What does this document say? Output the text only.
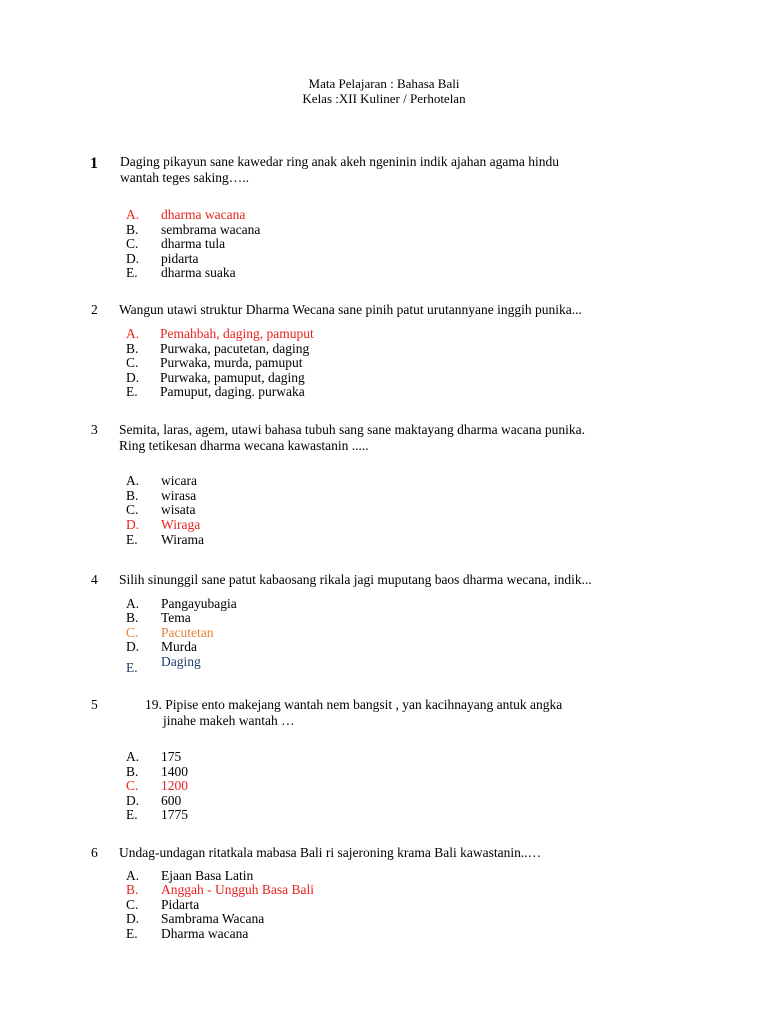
Mata Pelajaran : Bahasa Bali
Kelas :XII Kuliner / Perhotelan
1 Daging pikayun sane kawedar ring anak akeh ngeninin indik ajahan agama hindu
wantah teges saking…..
A. dharma wacana
B. sembrama wacana
C. dharma tula
D. pidarta
E. dharma suaka
2 Wangun utawi struktur Dharma Wecana sane pinih patut urutannyane inggih punika...
A. Pemahbah, daging, pamuput
B. Purwaka, pacutetan, daging
C. Purwaka, murda, pamuput
D. Purwaka, pamuput, daging
E. Pamuput, daging. purwaka
3 Semita, laras, agem, utawi bahasa tubuh sang sane maktayang dharma wacana punika.
Ring tetikesan dharma wecana kawastanin .....
A. wicara
B. wirasa
C. wisata
D. Wiraga
E. Wirama
4 Silih sinunggil sane patut kabaosang rikala jagi muputang baos dharma wecana, indik...
A. Pangayubagia
B. Tema
C. Pacutetan
D. Murda
E. Daging
5	19. Pipise ento makejang wantah nem bangsit , yan kacihnayang antuk angka
jinahe makeh wantah …
A. 175
B. 1400
C. 1200
D. 600
E. 1775
6 Undag-undagan ritatkala mabasa Bali ri sajeroning krama Bali kawastanin..…
A. Ejaan Basa Latin
B. Anggah - Ungguh Basa Bali
C. Pidarta
D. Sambrama Wacana
E. Dharma wacana
